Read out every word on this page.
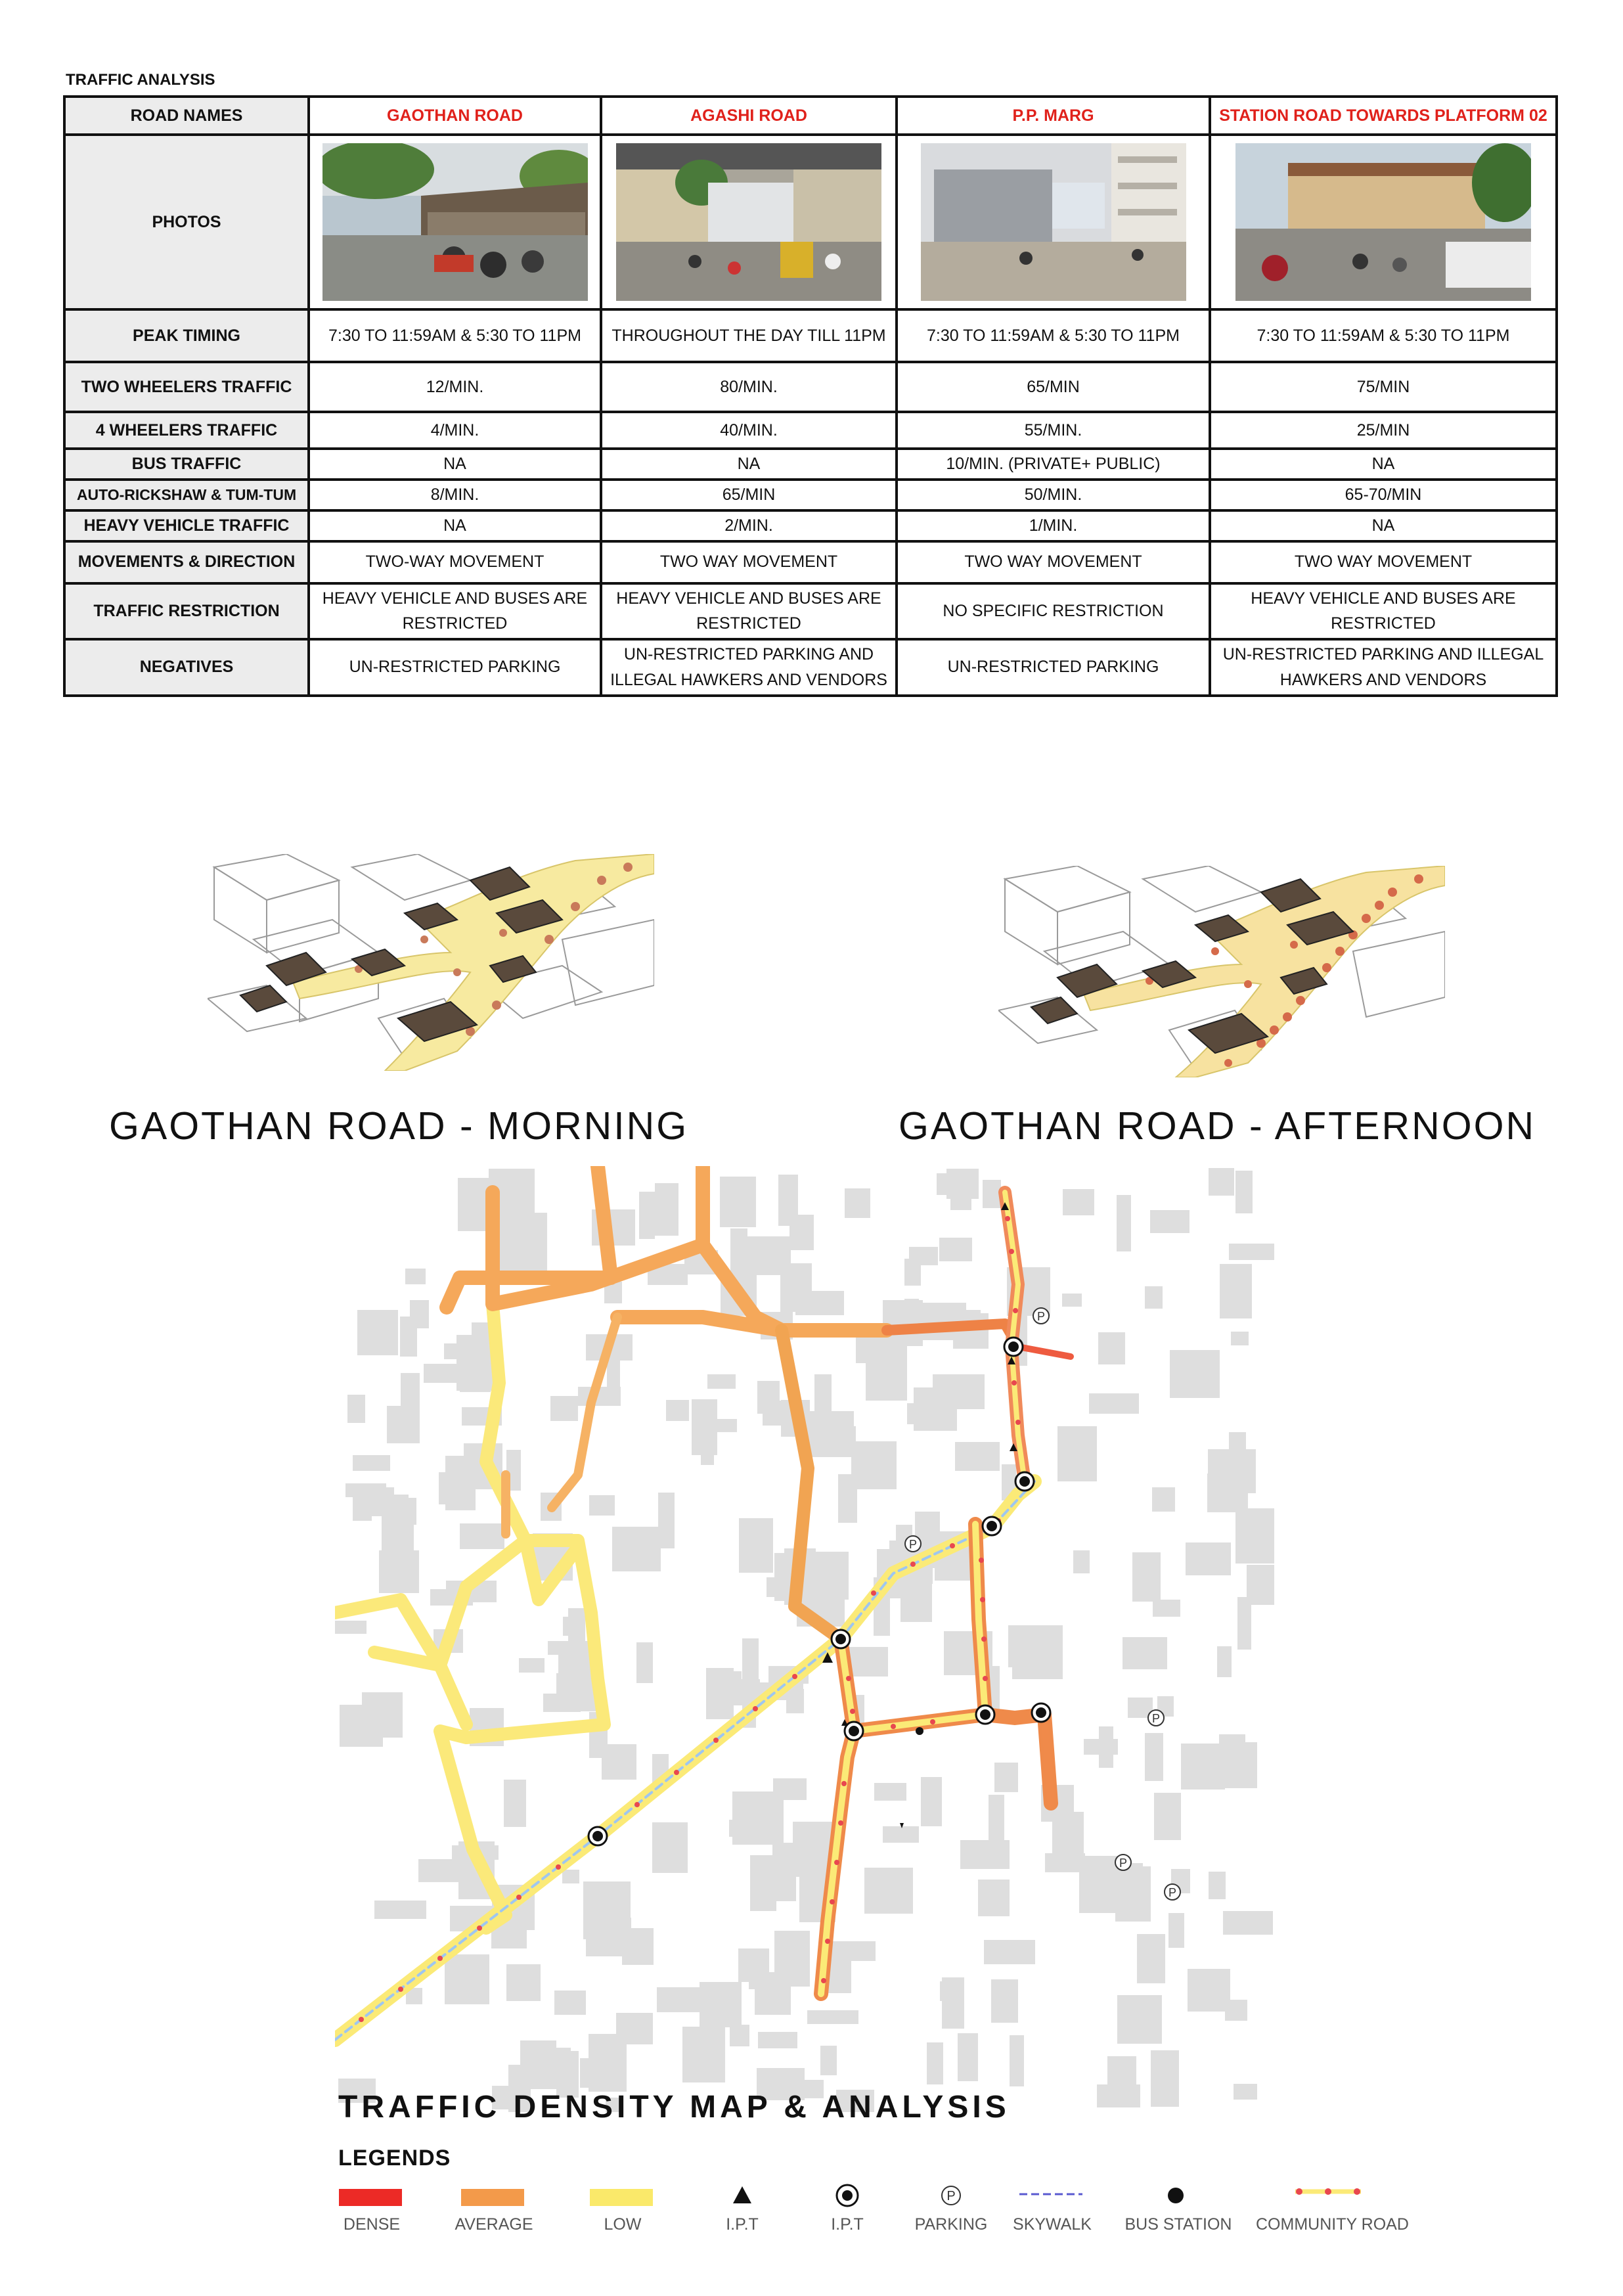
TRAFFIC ANALYSIS
ROAD NAMES	GAOTHAN ROAD	AGASHI ROAD	P.P. MARG	STATION ROAD TOWARDS PLATFORM 02
PHOTOS	

PEAK TIMING	7:30 TO 11:59AM & 5:30 TO 11PM	THROUGHOUT THE DAY TILL 11PM	7:30 TO 11:59AM & 5:30 TO 11PM	7:30 TO 11:59AM & 5:30 TO 11PM
TWO WHEELERS TRAFFIC	12/MIN.	80/MIN.	65/MIN	75/MIN
4 WHEELERS TRAFFIC	4/MIN.	40/MIN.	55/MIN.	25/MIN
BUS TRAFFIC	NA	NA	10/MIN. (PRIVATE+ PUBLIC)	NA
AUTO-RICKSHAW & TUM-TUM	8/MIN.	65/MIN	50/MIN.	65-70/MIN
HEAVY VEHICLE TRAFFIC	NA	2/MIN.	1/MIN.	NA
MOVEMENTS & DIRECTION	TWO-WAY MOVEMENT	TWO WAY MOVEMENT	TWO WAY MOVEMENT	TWO WAY MOVEMENT
TRAFFIC RESTRICTION	HEAVY VEHICLE AND BUSES ARE RESTRICTED	HEAVY VEHICLE AND BUSES ARE RESTRICTED	NO SPECIFIC RESTRICTION	HEAVY VEHICLE AND BUSES ARE RESTRICTED
NEGATIVES	UN-RESTRICTED PARKING	UN-RESTRICTED PARKING AND ILLEGAL HAWKERS AND VENDORS	UN-RESTRICTED PARKING	UN-RESTRICTED PARKING AND ILLEGAL HAWKERS AND VENDORS
GAOTHAN ROAD - MORNING	GAOTHAN ROAD - AFTERNOON
P
P
P
P
P
TRAFFIC DENSITY MAP & ANALYSIS
LEGENDS
DENSE	AVERAGE	LOW	I.P.T	I.P.T
P
PARKING	SKYWALK	BUS STATION	COMMUNITY ROAD
